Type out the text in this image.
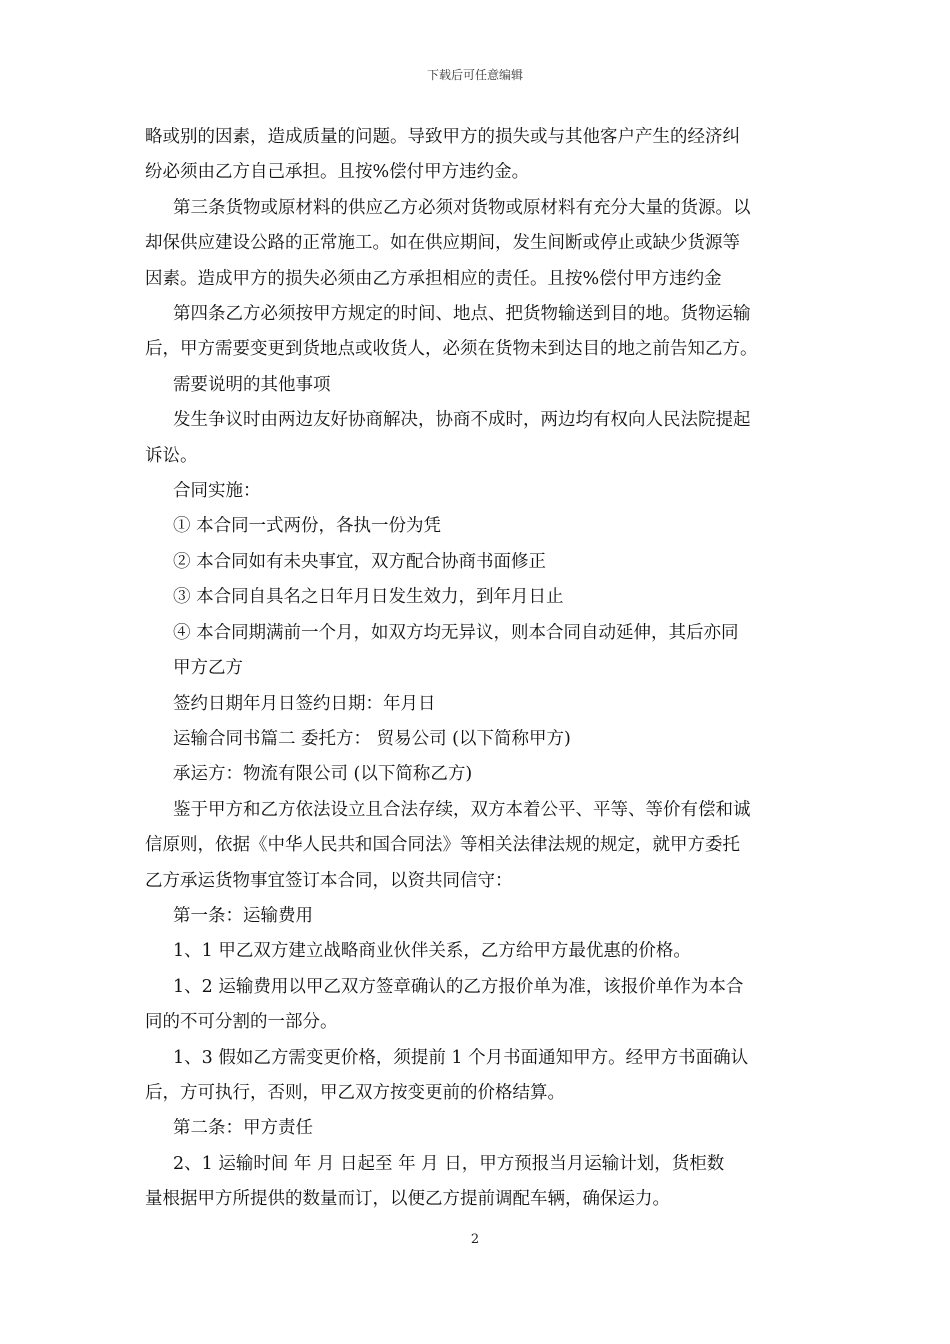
下载后可任意编辑

略或别的因素，造成质量的问题。导致甲方的损失或与其他客户产生的经济纠

纷必须由乙方自己承担。且按%偿付甲方违约金。

第三条货物或原材料的供应乙方必须对货物或原材料有充分大量的货源。以

却保供应建设公路的正常施工。如在供应期间，发生间断或停止或缺少货源等

因素。造成甲方的损失必须由乙方承担相应的责任。且按%偿付甲方违约金

第四条乙方必须按甲方规定的时间、地点、把货物输送到目的地。货物运输

后，甲方需要变更到货地点或收货人，必须在货物未到达目的地之前告知乙方。

需要说明的其他事项

发生争议时由两边友好协商解决，协商不成时，两边均有权向人民法院提起

诉讼。

合同实施：

① 本合同一式两份，各执一份为凭

② 本合同如有未央事宜，双方配合协商书面修正

③ 本合同自具名之日年月日发生效力，到年月日止

④ 本合同期满前一个月，如双方均无异议，则本合同自动延伸，其后亦同

甲方乙方

签约日期年月日签约日期：年月日

运输合同书篇二 委托方： 贸易公司 (以下简称甲方)

承运方：物流有限公司 (以下简称乙方)

鉴于甲方和乙方依法设立且合法存续，双方本着公平、平等、等价有偿和诚

信原则，依据《中华人民共和国合同法》等相关法律法规的规定，就甲方委托

乙方承运货物事宜签订本合同，以资共同信守：

第一条：运输费用

1、1 甲乙双方建立战略商业伙伴关系，乙方给甲方最优惠的价格。

1、2 运输费用以甲乙双方签章确认的乙方报价单为准，该报价单作为本合

同的不可分割的一部分。

1、3 假如乙方需变更价格，须提前 1 个月书面通知甲方。经甲方书面确认

后，方可执行，否则，甲乙双方按变更前的价格结算。

第二条：甲方责任

2、1 运输时间 年 月 日起至 年 月 日，甲方预报当月运输计划，货柜数

量根据甲方所提供的数量而订，以便乙方提前调配车辆，确保运力。

2
